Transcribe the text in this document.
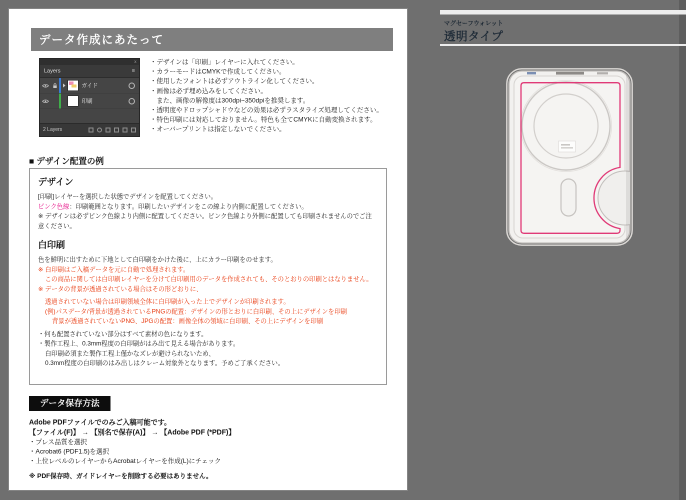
データ作成にあたって
x
Layers	≡
ガイド
印刷
2 Layers
・デザインは「印刷」レイヤーに入れてください。
・カラーモードはCMYKで作成してください。
・使用したフォントは必ずアウトライン化してください。
・画像は必ず埋め込みをしてください。
　また、画像の解像度は300dpi~350dpiを推奨します。
・透明度やドロップシャドウなどの効果は必ずラスタライズ処理してください。
・特色印刷には対応しておりません。特色も全てCMYKに自動変換されます。
・オーバープリントは指定しないでください。
■ デザイン配置の例
デザイン
[印刷]レイヤーを選択した状態でデザインを配置してください。
ピンク色線：印刷範囲となります。印刷したいデザインをこの線より内側に配置してください。
※ デザインは必ずピンク色線より内側に配置してください。ピンク色線より外側に配置しても印刷されませんのでご注意ください。
白印刷
色を鮮明に出すために下地として白印刷をかけた後に、上にカラー印刷をのせます。
※ 白印刷はご入稿データを元に自動で処理されます。
この商品に関しては白印刷レイヤーを分けて白印刷用のデータを作成されても、そのとおりの印刷とはなりません。
※ データの背景が透過されている場合はその形どおりに、
透過されていない場合は印刷領域全体に白印刷が入った上でデザインが印刷されます。
(例)パスデータ/背景が透過されているPNGの配置：デザインの形とおりに白印刷、その上にデザインを印刷
背景が透過されていないPNG、JPGの配置：画像全体の領域に白印刷、その上にデザインを印刷
・何も配置されていない部分はすべて素材の色になります。
・製作工程上、0.3mm程度の白印刷がはみ出て見える場合があります。
白印刷必須また製作工程上僅かなズレが避けられないため、
0.3mm程度の白印刷のはみ出しはクレーム対象外となります。予めご了承ください。
データ保存方法
Adobe PDFファイルでのみご入稿可能です。
【ファイル(F)】 → 【別名で保存(A)】 → 【Adobe PDF (*PDF)】
・プレス品質を選択
・Acrobat6 (PDF1.5)を選択
・上位レベルのレイヤーからAcrobatレイヤーを作成(L)にチェック
※ PDF保存時、ガイドレイヤーを削除する必要はありません。
マグセーフウォレット
透明タイプ
